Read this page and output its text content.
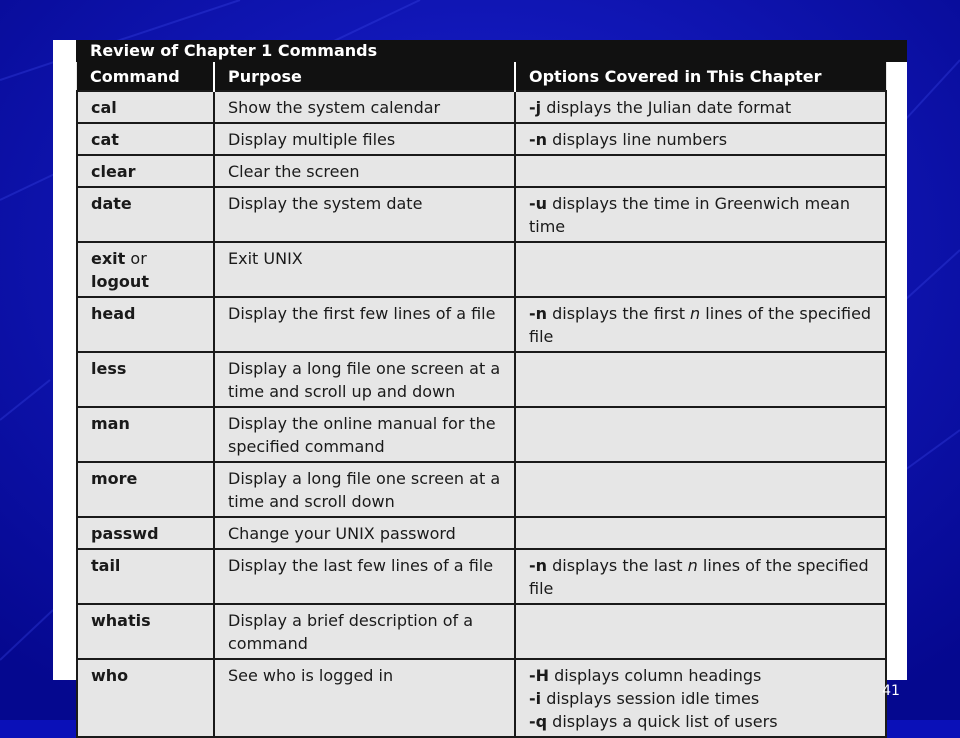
Review of Chapter 1 Commands
Command	Purpose	Options Covered in This Chapter
cal	Show the system calendar	-j displays the Julian date format

cat	Display multiple files	-n displays line numbers

clear	Clear the screen	
date	Display the system date	-u displays the time in Greenwich mean time

exit or logout	Exit UNIX	
head	Display the first few lines of a file	-n displays the first n lines of the specified file

less	Display a long file one screen at a time and scroll up and down	
man	Display the online manual for the specified command	
more	Display a long file one screen at a time and scroll down	
passwd	Change your UNIX password	
tail	Display the last few lines of a file	-n displays the last n lines of the specified file

whatis	Display a brief description of a command	
who	See who is logged in	-H displays column headings
-i displays session idle times
-q displays a quick list of users
41
